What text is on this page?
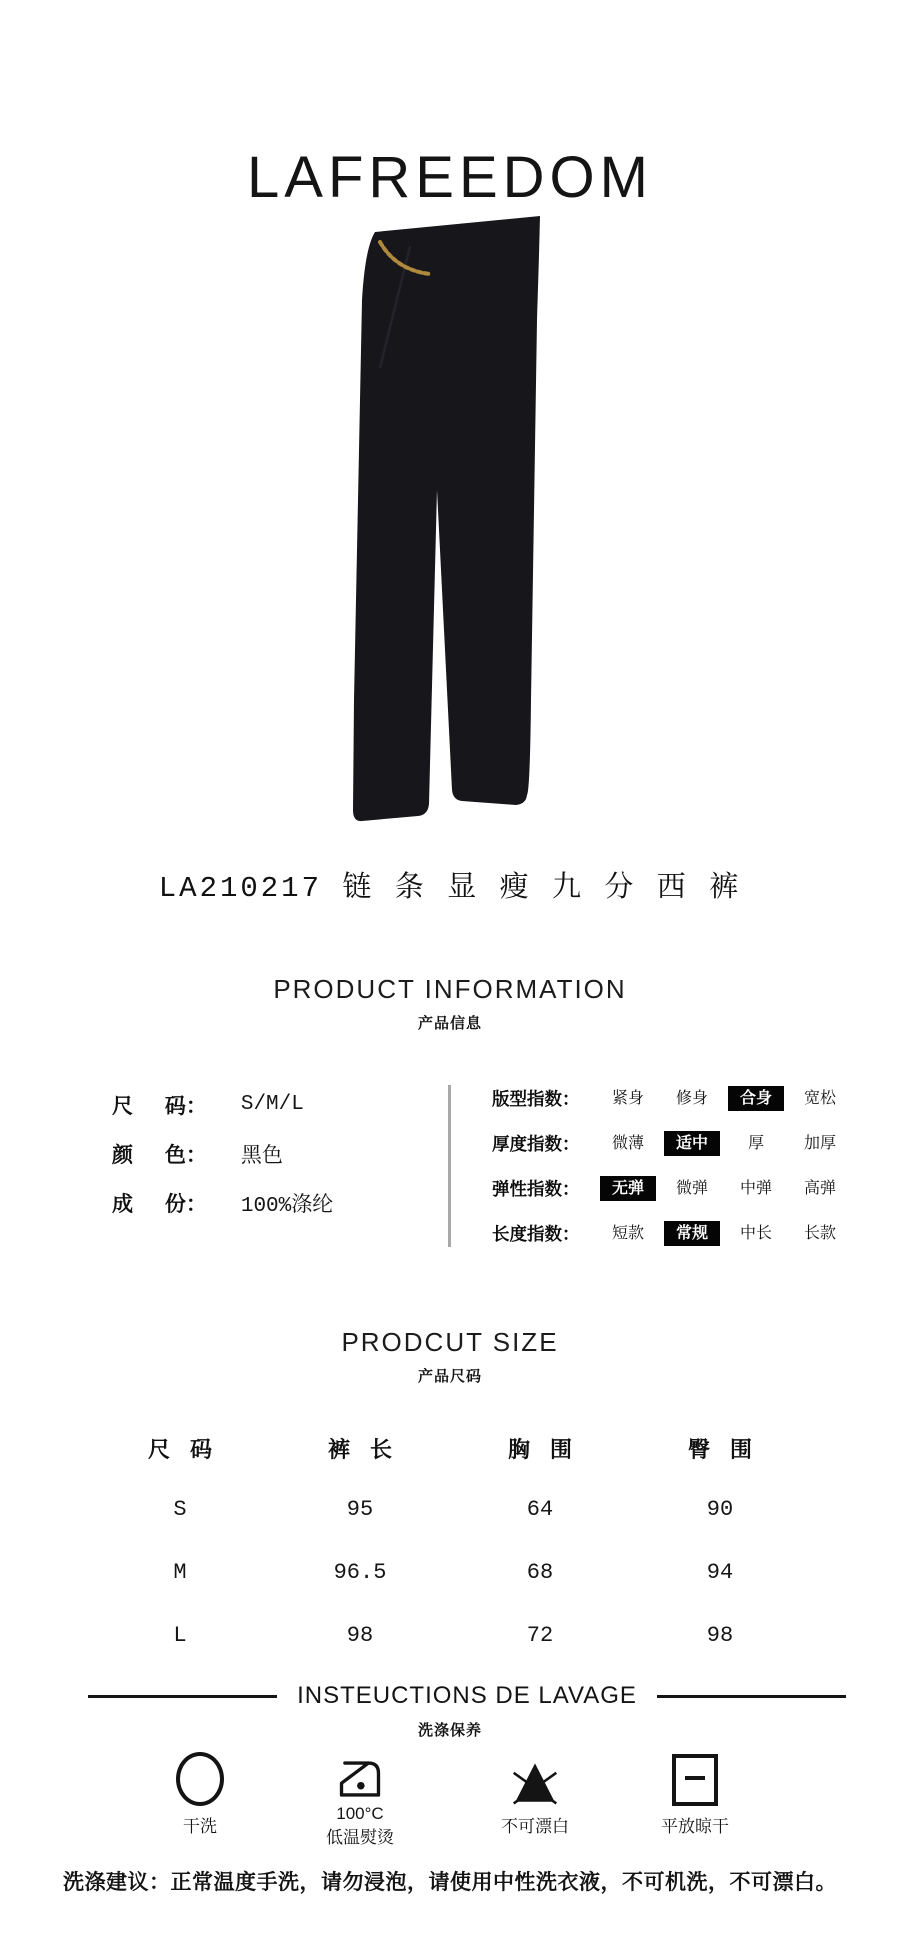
LAFREEDOM
LA210217 链 条 显 瘦 九 分 西 裤
PRODUCT INFORMATION
产品信息
尺 码： S/M/L
颜 色： 黑色
成 份： 100%涤纶
版型指数：	紧身	修身	合身	宽松
厚度指数：	微薄	适中	厚	加厚
弹性指数：	无弹	微弹	中弹	高弹
长度指数：	短款	常规	中长	长款
PRODCUT SIZE
产品尺码
尺 码	裤 长	胸 围	臀 围
S	95	64	90
M	96.5	68	94
L	98	72	98
INSTEUCTIONS DE LAVAGE
洗涤保养
干洗
100°C
低温熨烫
不可漂白	平放晾干
洗涤建议：正常温度手洗，请勿浸泡，请使用中性洗衣液，不可机洗，不可漂白。
